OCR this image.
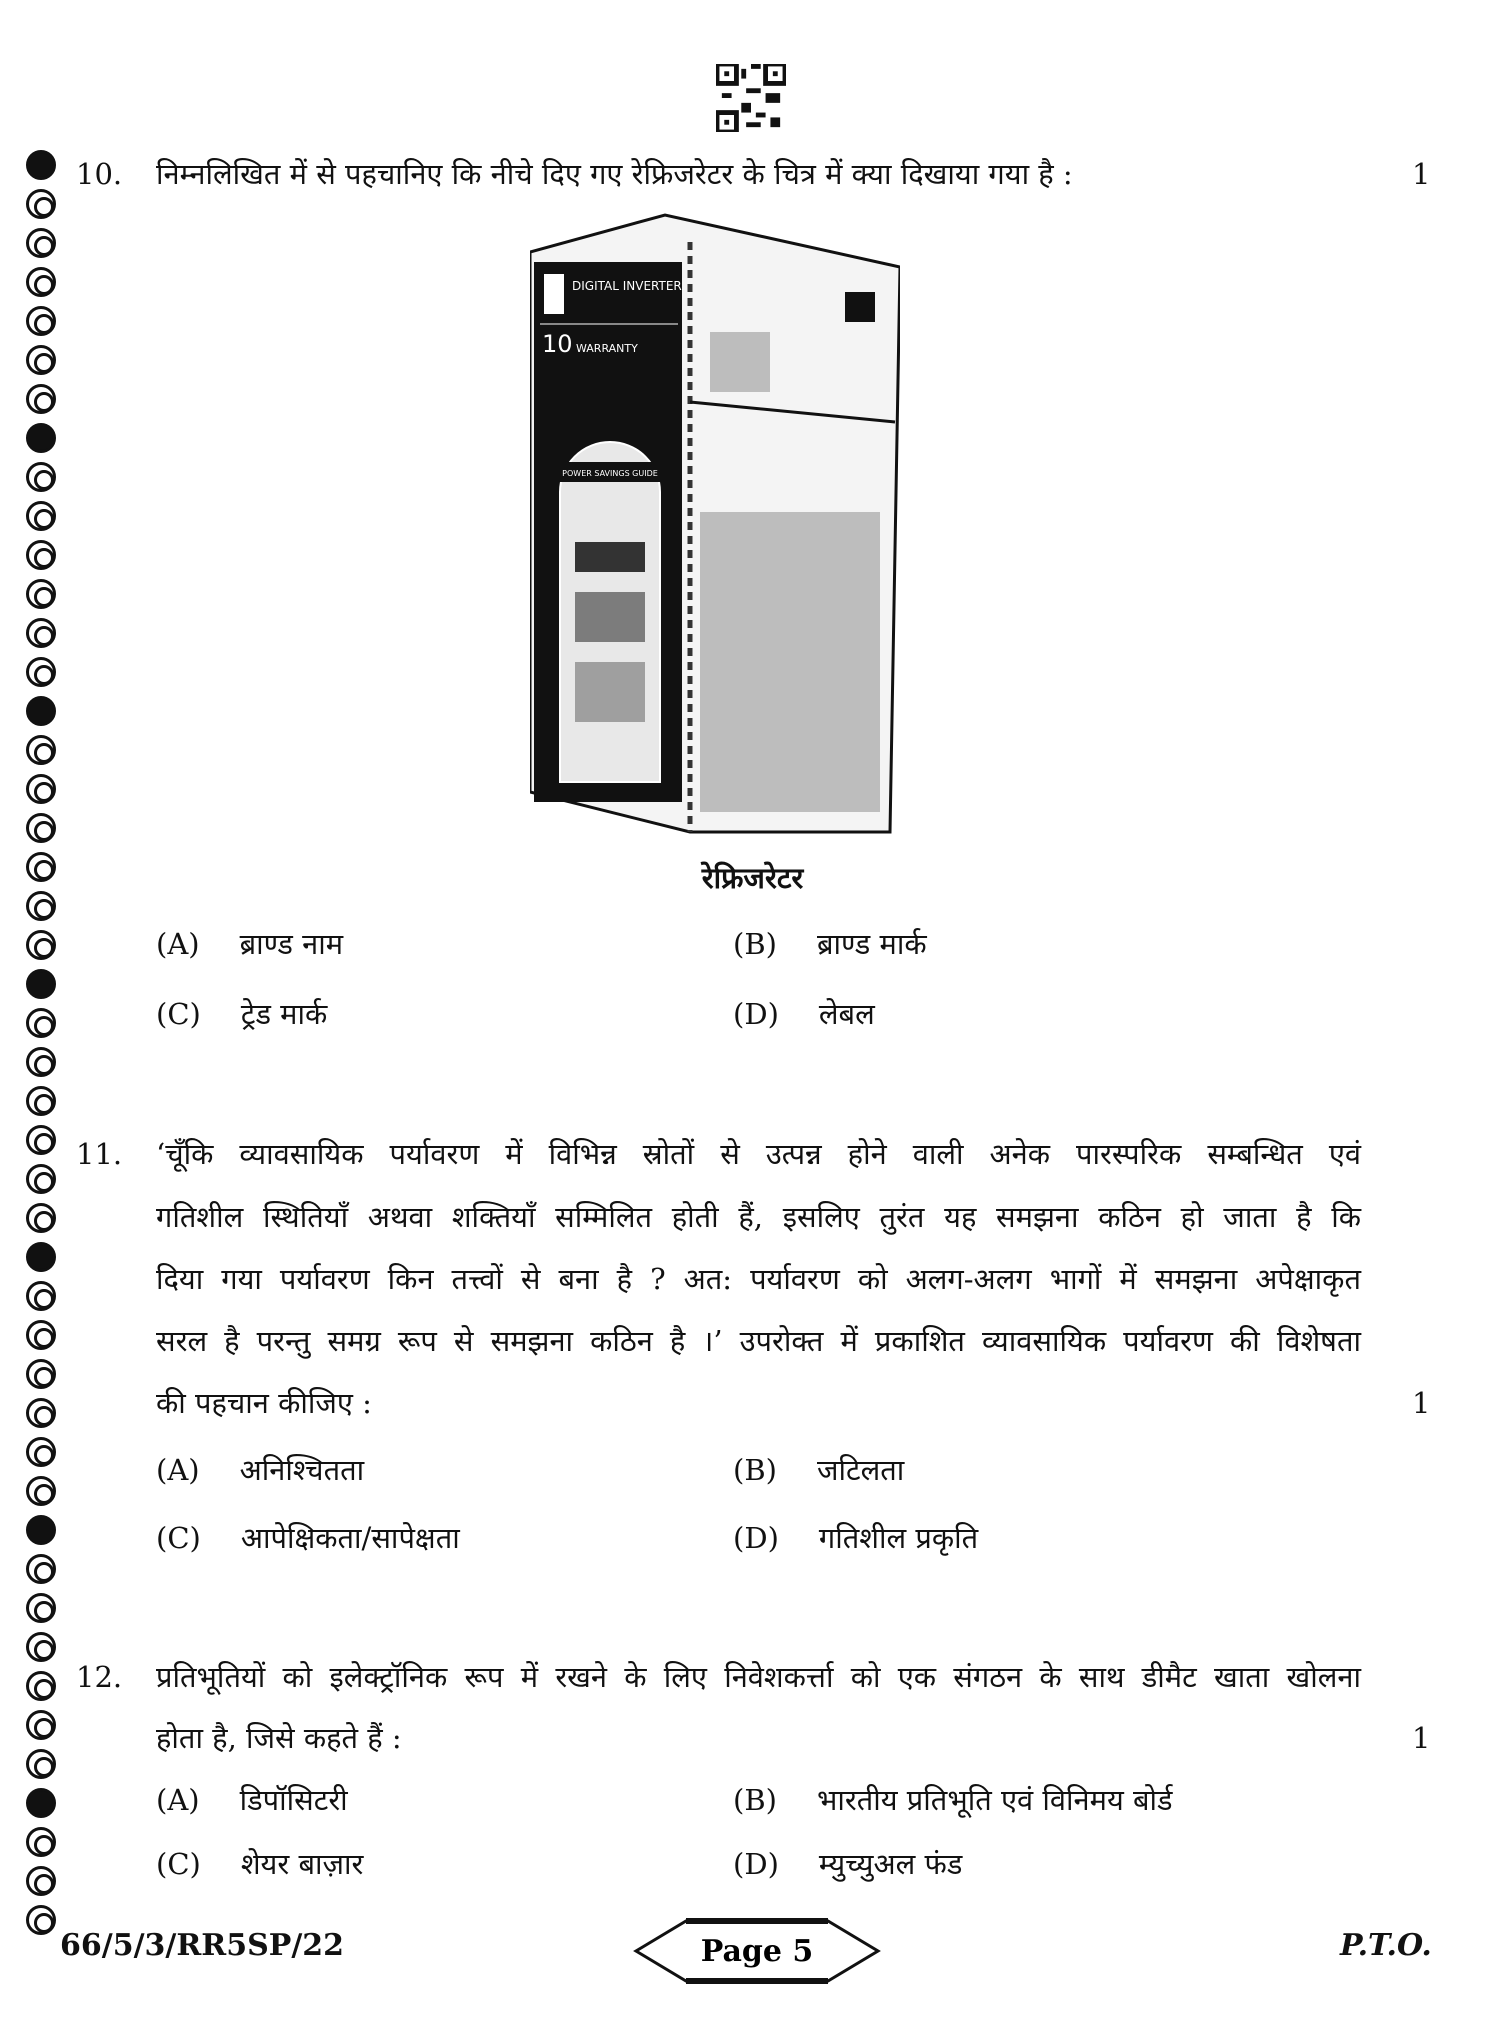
10. निम्नलिखित में से पहचानिए कि नीचे दिए गए रेफ्रिजरेटर के चित्र में क्या दिखाया गया है :	1
DIGITAL INVERTER
10 WARRANTY
POWER SAVINGS GUIDE
रेफ्रिजरेटर
11. ‘चूँकि व्यावसायिक पर्यावरण में विभिन्न स्रोतों से उत्पन्न होने वाली अनेक पारस्परिक सम्बन्धित एवं
गतिशील स्थितियाँ अथवा शक्तियाँ सम्मिलित होती हैं, इसलिए तुरंत यह समझना कठिन हो जाता है कि
दिया गया पर्यावरण किन तत्त्वों से बना है ? अत: पर्यावरण को अलग-अलग भागों में समझना अपेक्षाकृत
सरल है परन्तु समग्र रूप से समझना कठिन है ।’ उपरोक्त में प्रकाशित व्यावसायिक पर्यावरण की विशेषता
की पहचान कीजिए :	1
12. प्रतिभूतियों को इलेक्ट्रॉनिक रूप में रखने के लिए निवेशकर्त्ता को एक संगठन के साथ डीमैट खाता खोलना
होता है, जिसे कहते हैं :	1
(A) ब्राण्ड नाम	(B) ब्राण्ड मार्क
(C) ट्रेड मार्क	(D) लेबल
(A) अनिश्चितता	(B) जटिलता
(C) आपेक्षिकता/सापेक्षता	(D) गतिशील प्रकृति
(A) डिपॉसिटरी	(B) भारतीय प्रतिभूति एवं विनिमय बोर्ड
(C) शेयर बाज़ार	(D) म्युच्युअल फंड
66/5/3/RR5SP/22	Page 5	P.T.O.
